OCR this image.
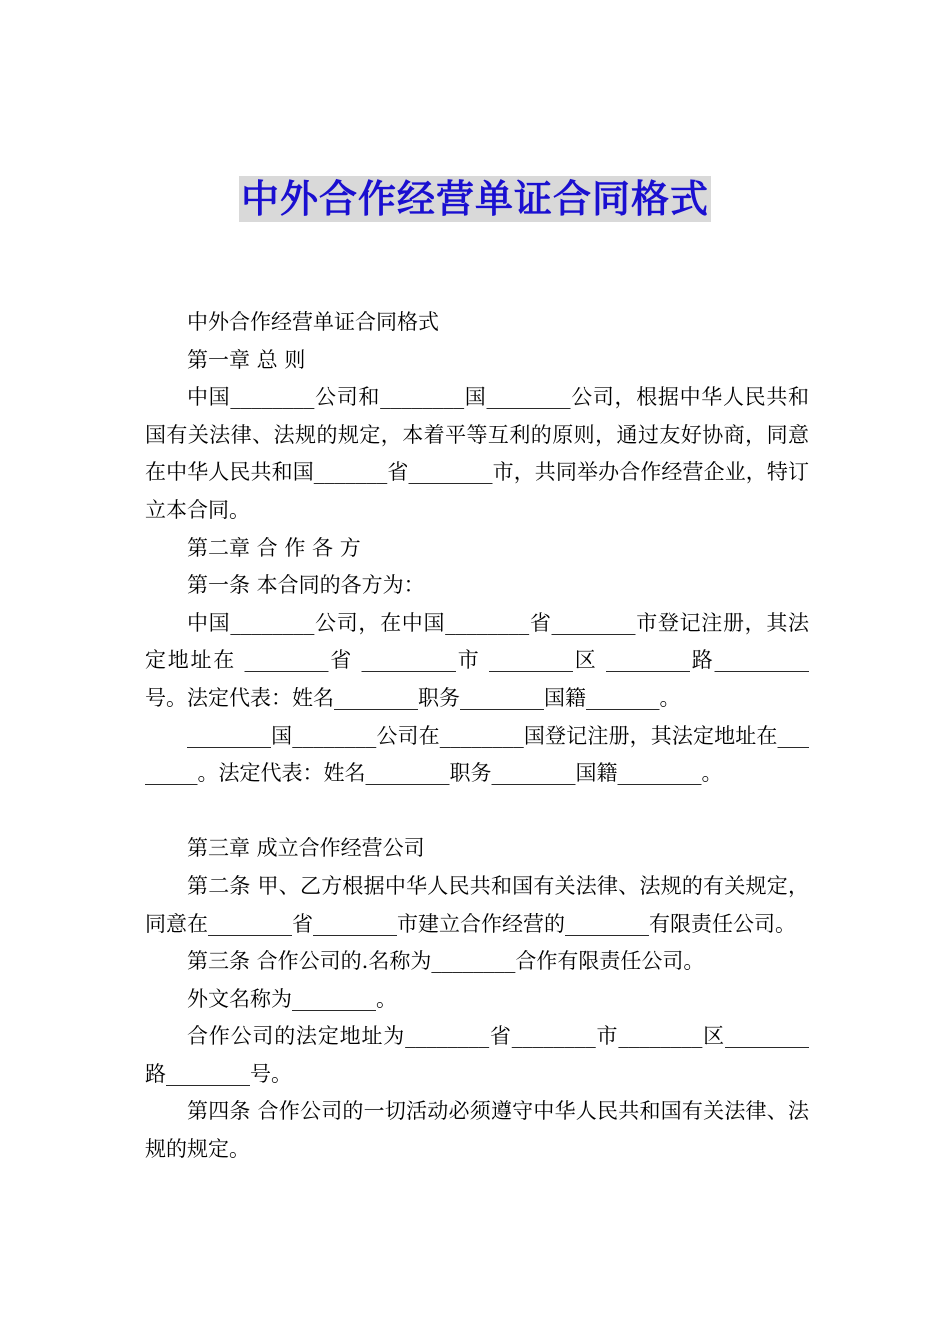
中外合作经营单证合同格式

中外合作经营单证合同格式

第一章 总 则

中国________公司和________国________公司，根据中华人民共和国有关法律、法规的规定，本着平等互利的原则，通过友好协商，同意在中华人民共和国_______省________市，共同举办合作经营企业，特订立本合同。

第二章 合 作 各 方

第一条 本合同的各方为：

中国________公司，在中国________省________市登记注册，其法定地址在 ________省 _________市 ________区 ________路_________号。法定代表：姓名________职务________国籍_______。

________国________公司在________国登记注册，其法定地址在________。法定代表：姓名________职务________国籍________。

第三章 成立合作经营公司

第二条 甲、乙方根据中华人民共和国有关法律、法规的有关规定，同意在________省________市建立合作经营的________有限责任公司。

第三条 合作公司的.名称为________合作有限责任公司。

外文名称为________。

合作公司的法定地址为________省________市________区________路________号。

第四条 合作公司的一切活动必须遵守中华人民共和国有关法律、法规的规定。
